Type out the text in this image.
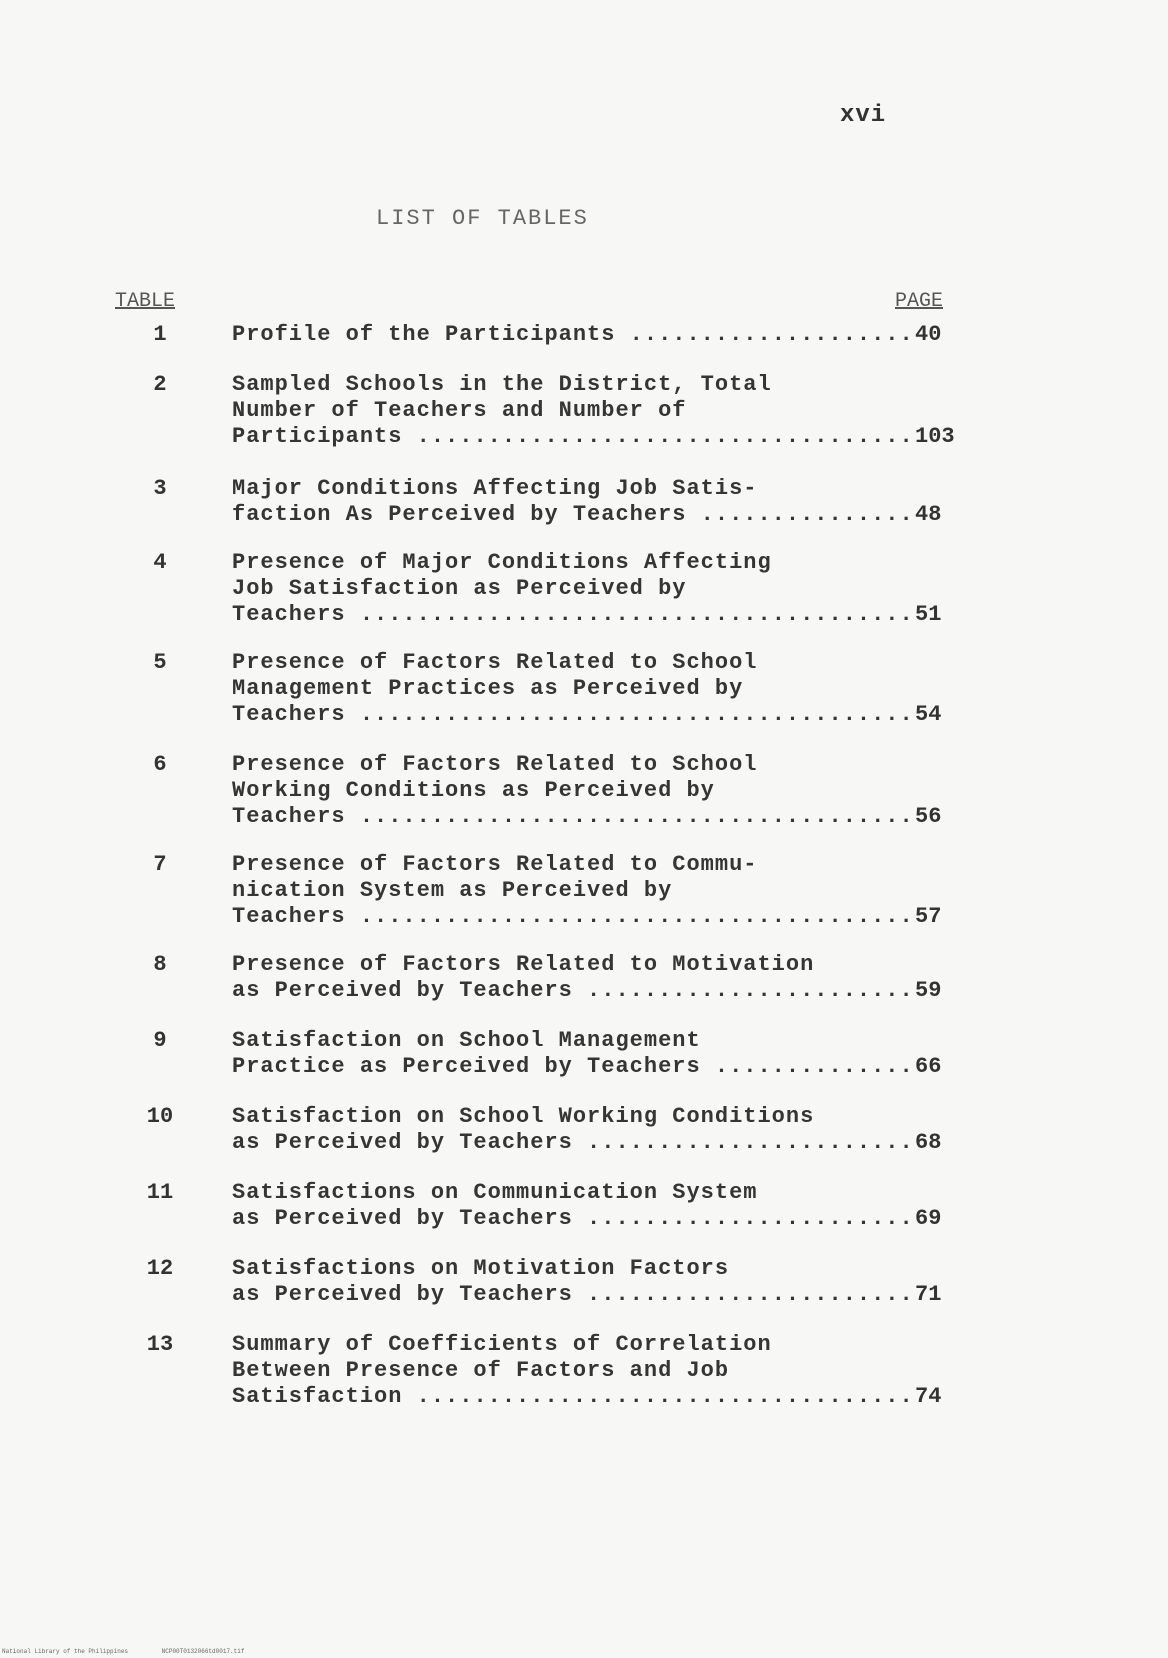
xvi
LIST OF TABLES
TABLE	PAGE
1	Profile of the Participants .....	40
2	Sampled Schools in the District, Total
Number of Teachers and Number of
Participants .....	103
3	Major Conditions Affecting Job Satis-
faction As Perceived by Teachers .....	48
4	Presence of Major Conditions Affecting
Job Satisfaction as Perceived by
Teachers .....	51
5	Presence of Factors Related to School
Management Practices as Perceived by
Teachers .....	54
6	Presence of Factors Related to School
Working Conditions as Perceived by
Teachers .....	56
7	Presence of Factors Related to Commu-
nication System as Perceived by
Teachers .....	57
8	Presence of Factors Related to Motivation
as Perceived by Teachers .....	59
9	Satisfaction on School Management
Practice as Perceived by Teachers .....	66
10	Satisfaction on School Working Conditions
as Perceived by Teachers .....	68
11	Satisfactions on Communication System
as Perceived by Teachers .....	69
12	Satisfactions on Motivation Factors
as Perceived by Teachers .....	71
13	Summary of Coefficients of Correlation
Between Presence of Factors and Job
Satisfaction .....	74
National Library of the Philippines	NCP00T0132066td0017.tif
